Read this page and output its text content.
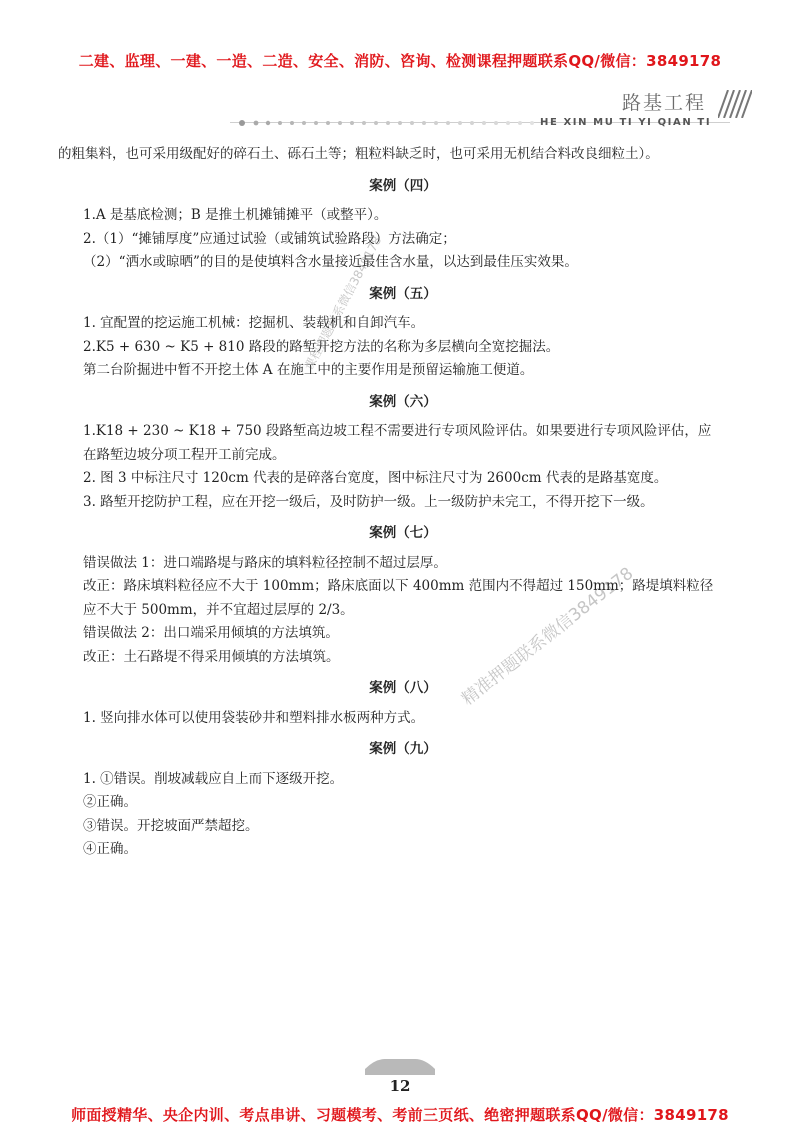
二建、监理、一建、一造、二造、安全、消防、咨询、检测课程押题联系QQ/微信：3849178
路基工程
HE XIN MU TI YI QIAN TI

的粗集料，也可采用级配好的碎石土、砾石土等；粗粒料缺乏时，也可采用无机结合料改良细粒土）。

案例（四）

1.A 是基底检测；B 是推土机摊铺摊平（或整平）。

2.（1）“摊铺厚度”应通过试验（或铺筑试验路段）方法确定；

（2）“洒水或晾晒”的目的是使填料含水量接近最佳含水量，以达到最佳压实效果。

案例（五）

1. 宜配置的挖运施工机械：挖掘机、装载机和自卸汽车。

2.K5 + 630 ~ K5 + 810 路段的路堑开挖方法的名称为多层横向全宽挖掘法。

第二台阶掘进中暂不开挖土体 A 在施工中的主要作用是预留运输施工便道。

案例（六）

1.K18 + 230 ~ K18 + 750 段路堑高边坡工程不需要进行专项风险评估。如果要进行专项风险评估，应在路堑边坡分项工程开工前完成。

2. 图 3 中标注尺寸 120cm 代表的是碎落台宽度，图中标注尺寸为 2600cm 代表的是路基宽度。

3. 路堑开挖防护工程，应在开挖一级后，及时防护一级。上一级防护未完工，不得开挖下一级。

案例（七）

错误做法 1：进口端路堤与路床的填料粒径控制不超过层厚。

改正：路床填料粒径应不大于 100mm；路床底面以下 400mm 范围内不得超过 150mm；路堤填料粒径应不大于 500mm，并不宜超过层厚的 2/3。

错误做法 2：出口端采用倾填的方法填筑。

改正：土石路堤不得采用倾填的方法填筑。

案例（八）

1. 竖向排水体可以使用袋装砂井和塑料排水板两种方式。

案例（九）

1. ①错误。削坡减载应自上而下逐级开挖。

②正确。

③错误。开挖坡面严禁超挖。

④正确。

课程押题联系微信3849178
精准押题联系微信3849178
12
师面授精华、央企内训、考点串讲、习题模考、考前三页纸、绝密押题联系QQ/微信：3849178
